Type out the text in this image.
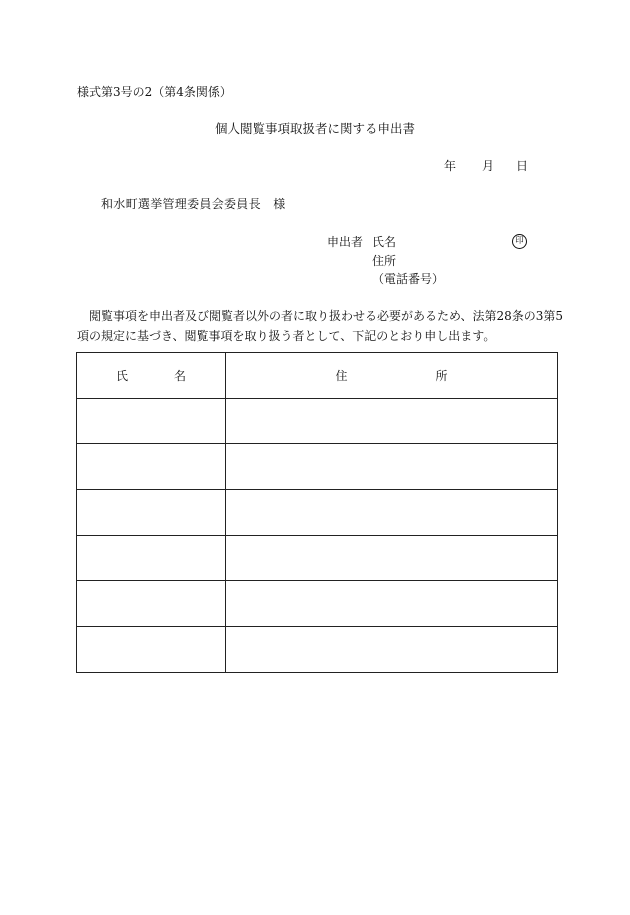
様式第3号の2（第4条関係）
個人閲覧事項取扱者に関する申出書
年 月 日
和水町選挙管理委員会委員長　様
申出者 氏名	印
住所
（電話番号）

閲覧事項を申出者及び閲覧者以外の者に取り扱わせる必要があるため、法第28条の3第5

項の規定に基づき、閲覧事項を取り扱う者として、下記のとおり申し出ます。

氏 名	住 所
